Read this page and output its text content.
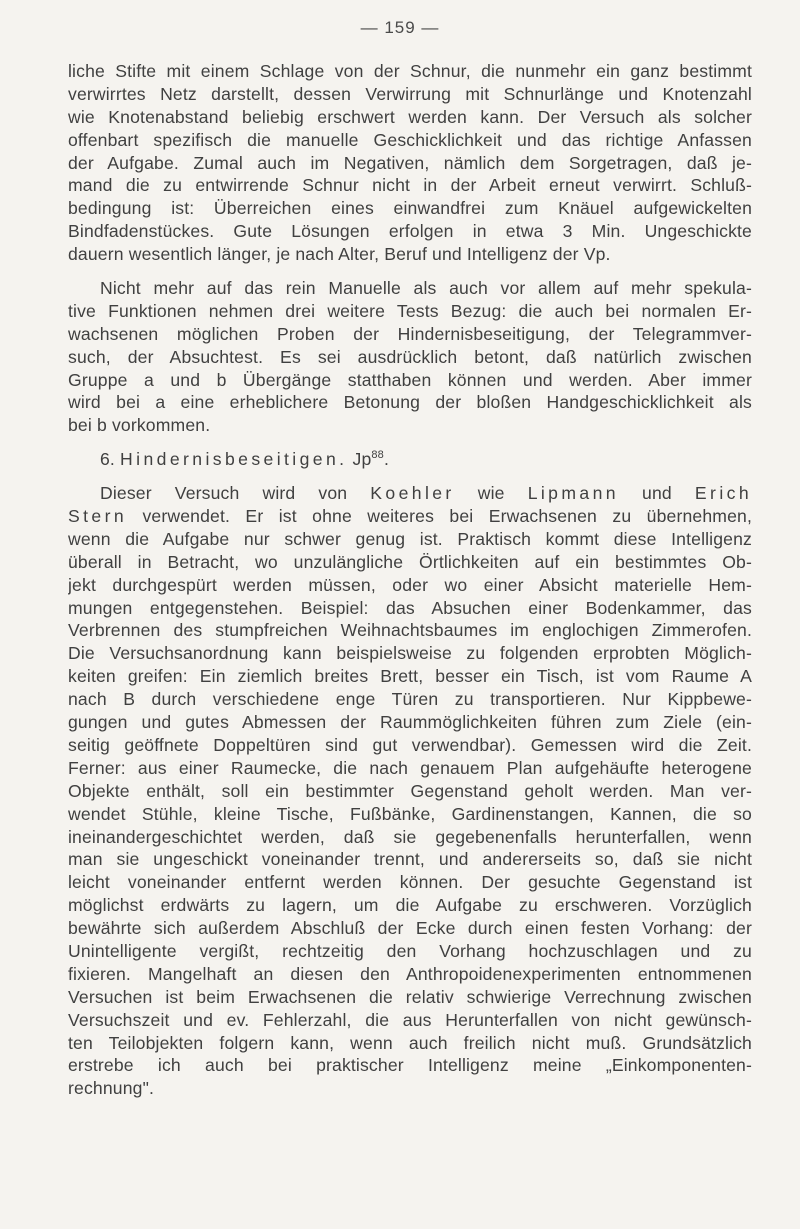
— 159 —
liche Stifte mit einem Schlage von der Schnur, die nunmehr ein ganz bestimmt
verwirrtes Netz darstellt, dessen Verwirrung mit Schnurlänge und Knotenzahl
wie Knotenabstand beliebig erschwert werden kann. Der Versuch als solcher
offenbart spezifisch die manuelle Geschicklichkeit und das richtige Anfassen
der Aufgabe. Zumal auch im Negativen, nämlich dem Sorgetragen, daß je-
mand die zu entwirrende Schnur nicht in der Arbeit erneut verwirrt. Schluß-
bedingung ist: Überreichen eines einwandfrei zum Knäuel aufgewickelten
Bindfadenstückes. Gute Lösungen erfolgen in etwa 3 Min. Ungeschickte
dauern wesentlich länger, je nach Alter, Beruf und Intelligenz der Vp.
Nicht mehr auf das rein Manuelle als auch vor allem auf mehr spekula-
tive Funktionen nehmen drei weitere Tests Bezug: die auch bei normalen Er-
wachsenen möglichen Proben der Hindernisbeseitigung, der Telegrammver-
such, der Absuchtest. Es sei ausdrücklich betont, daß natürlich zwischen
Gruppe a und b Übergänge statthaben können und werden. Aber immer
wird bei a eine erheblichere Betonung der bloßen Handgeschicklichkeit als
bei b vorkommen.
6. Hindernisbeseitigen. Jp$^{88}$.
Dieser Versuch wird von Koehler wie Lipmann und Erich
Stern verwendet. Er ist ohne weiteres bei Erwachsenen zu übernehmen,
wenn die Aufgabe nur schwer genug ist. Praktisch kommt diese Intelligenz
überall in Betracht, wo unzulängliche Örtlichkeiten auf ein bestimmtes Ob-
jekt durchgespürt werden müssen, oder wo einer Absicht materielle Hem-
mungen entgegenstehen. Beispiel: das Absuchen einer Bodenkammer, das
Verbrennen des stumpfreichen Weihnachtsbaumes im englochigen Zimmerofen.
Die Versuchsanordnung kann beispielsweise zu folgenden erprobten Möglich-
keiten greifen: Ein ziemlich breites Brett, besser ein Tisch, ist vom Raume A
nach B durch verschiedene enge Türen zu transportieren. Nur Kippbewe-
gungen und gutes Abmessen der Raummöglichkeiten führen zum Ziele (ein-
seitig geöffnete Doppeltüren sind gut verwendbar). Gemessen wird die Zeit.
Ferner: aus einer Raumecke, die nach genauem Plan aufgehäufte heterogene
Objekte enthält, soll ein bestimmter Gegenstand geholt werden. Man ver-
wendet Stühle, kleine Tische, Fußbänke, Gardinenstangen, Kannen, die so
ineinandergeschichtet werden, daß sie gegebenenfalls herunterfallen, wenn
man sie ungeschickt voneinander trennt, und andererseits so, daß sie nicht
leicht voneinander entfernt werden können. Der gesuchte Gegenstand ist
möglichst erdwärts zu lagern, um die Aufgabe zu erschweren. Vorzüglich
bewährte sich außerdem Abschluß der Ecke durch einen festen Vorhang: der
Unintelligente vergißt, rechtzeitig den Vorhang hochzuschlagen und zu
fixieren. Mangelhaft an diesen den Anthropoidenexperimenten entnommenen
Versuchen ist beim Erwachsenen die relativ schwierige Verrechnung zwischen
Versuchszeit und ev. Fehlerzahl, die aus Herunterfallen von nicht gewünsch-
ten Teilobjekten folgern kann, wenn auch freilich nicht muß. Grundsätzlich
erstrebe ich auch bei praktischer Intelligenz meine „Einkomponenten-
rechnung".
